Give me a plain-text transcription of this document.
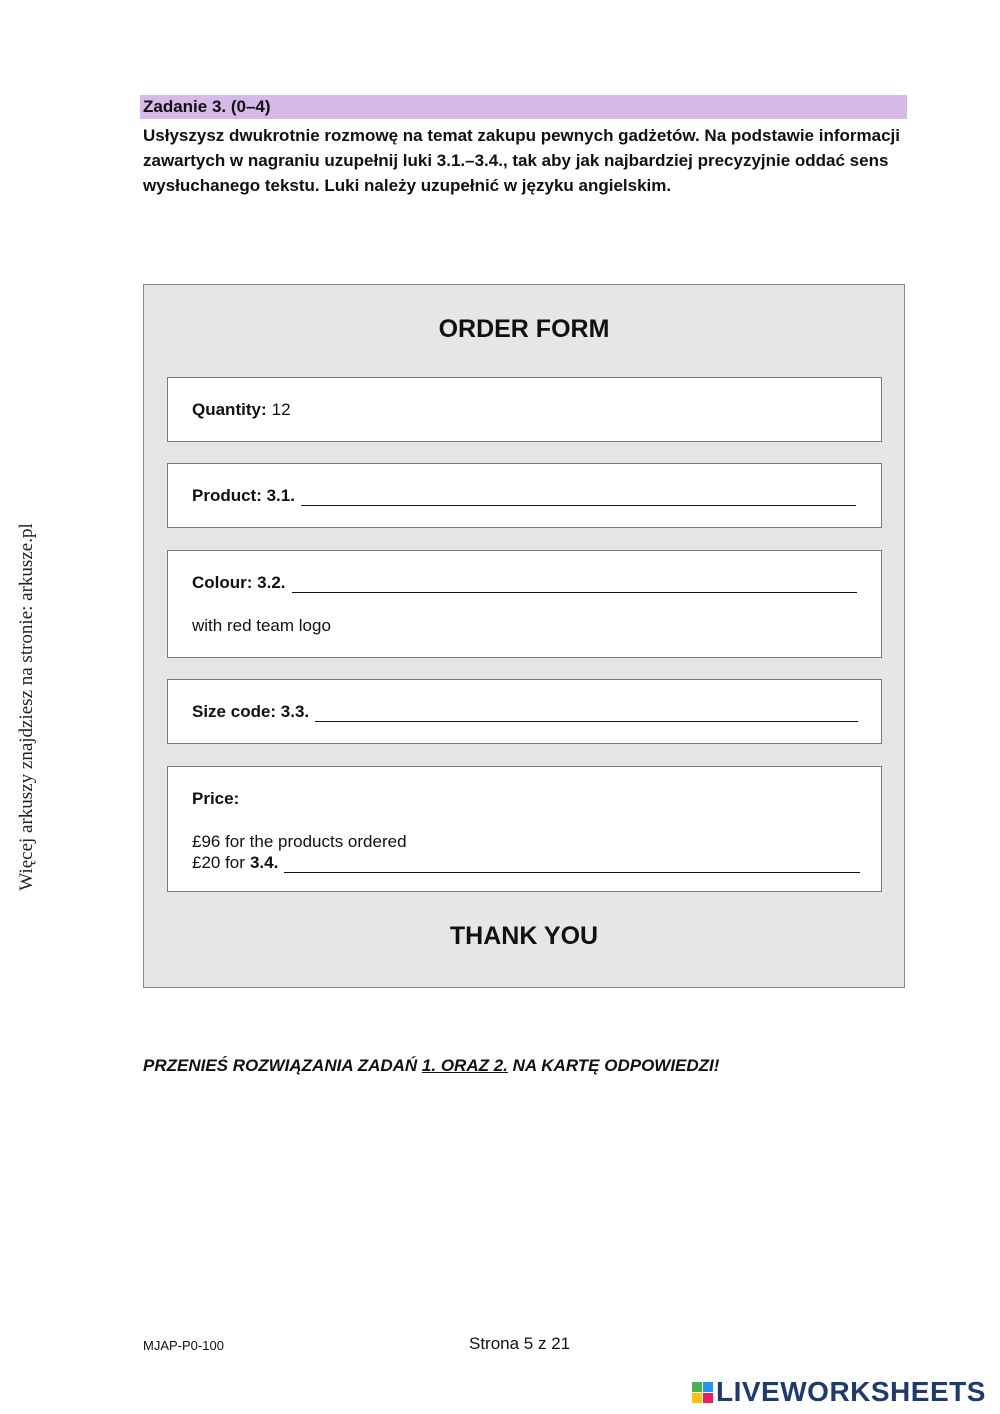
Więcej arkuszy znajdziesz na stronie: arkusze.pl
Zadanie 3. (0–4)
Usłyszysz dwukrotnie rozmowę na temat zakupu pewnych gadżetów. Na podstawie informacji zawartych w nagraniu uzupełnij luki 3.1.–3.4., tak aby jak najbardziej precyzyjnie oddać sens wysłuchanego tekstu. Luki należy uzupełnić w języku angielskim.
ORDER FORM
Quantity: 12
Product: 3.1.
Colour: 3.2.
with red team logo
Size code: 3.3.
Price:
£96 for the products ordered
£20 for 3.4.
THANK YOU
PRZENIEŚ ROZWIĄZANIA ZADAŃ 1. ORAZ 2. NA KARTĘ ODPOWIEDZI!
MJAP-P0-100	Strona 5 z 21
LIVEWORKSHEETS
